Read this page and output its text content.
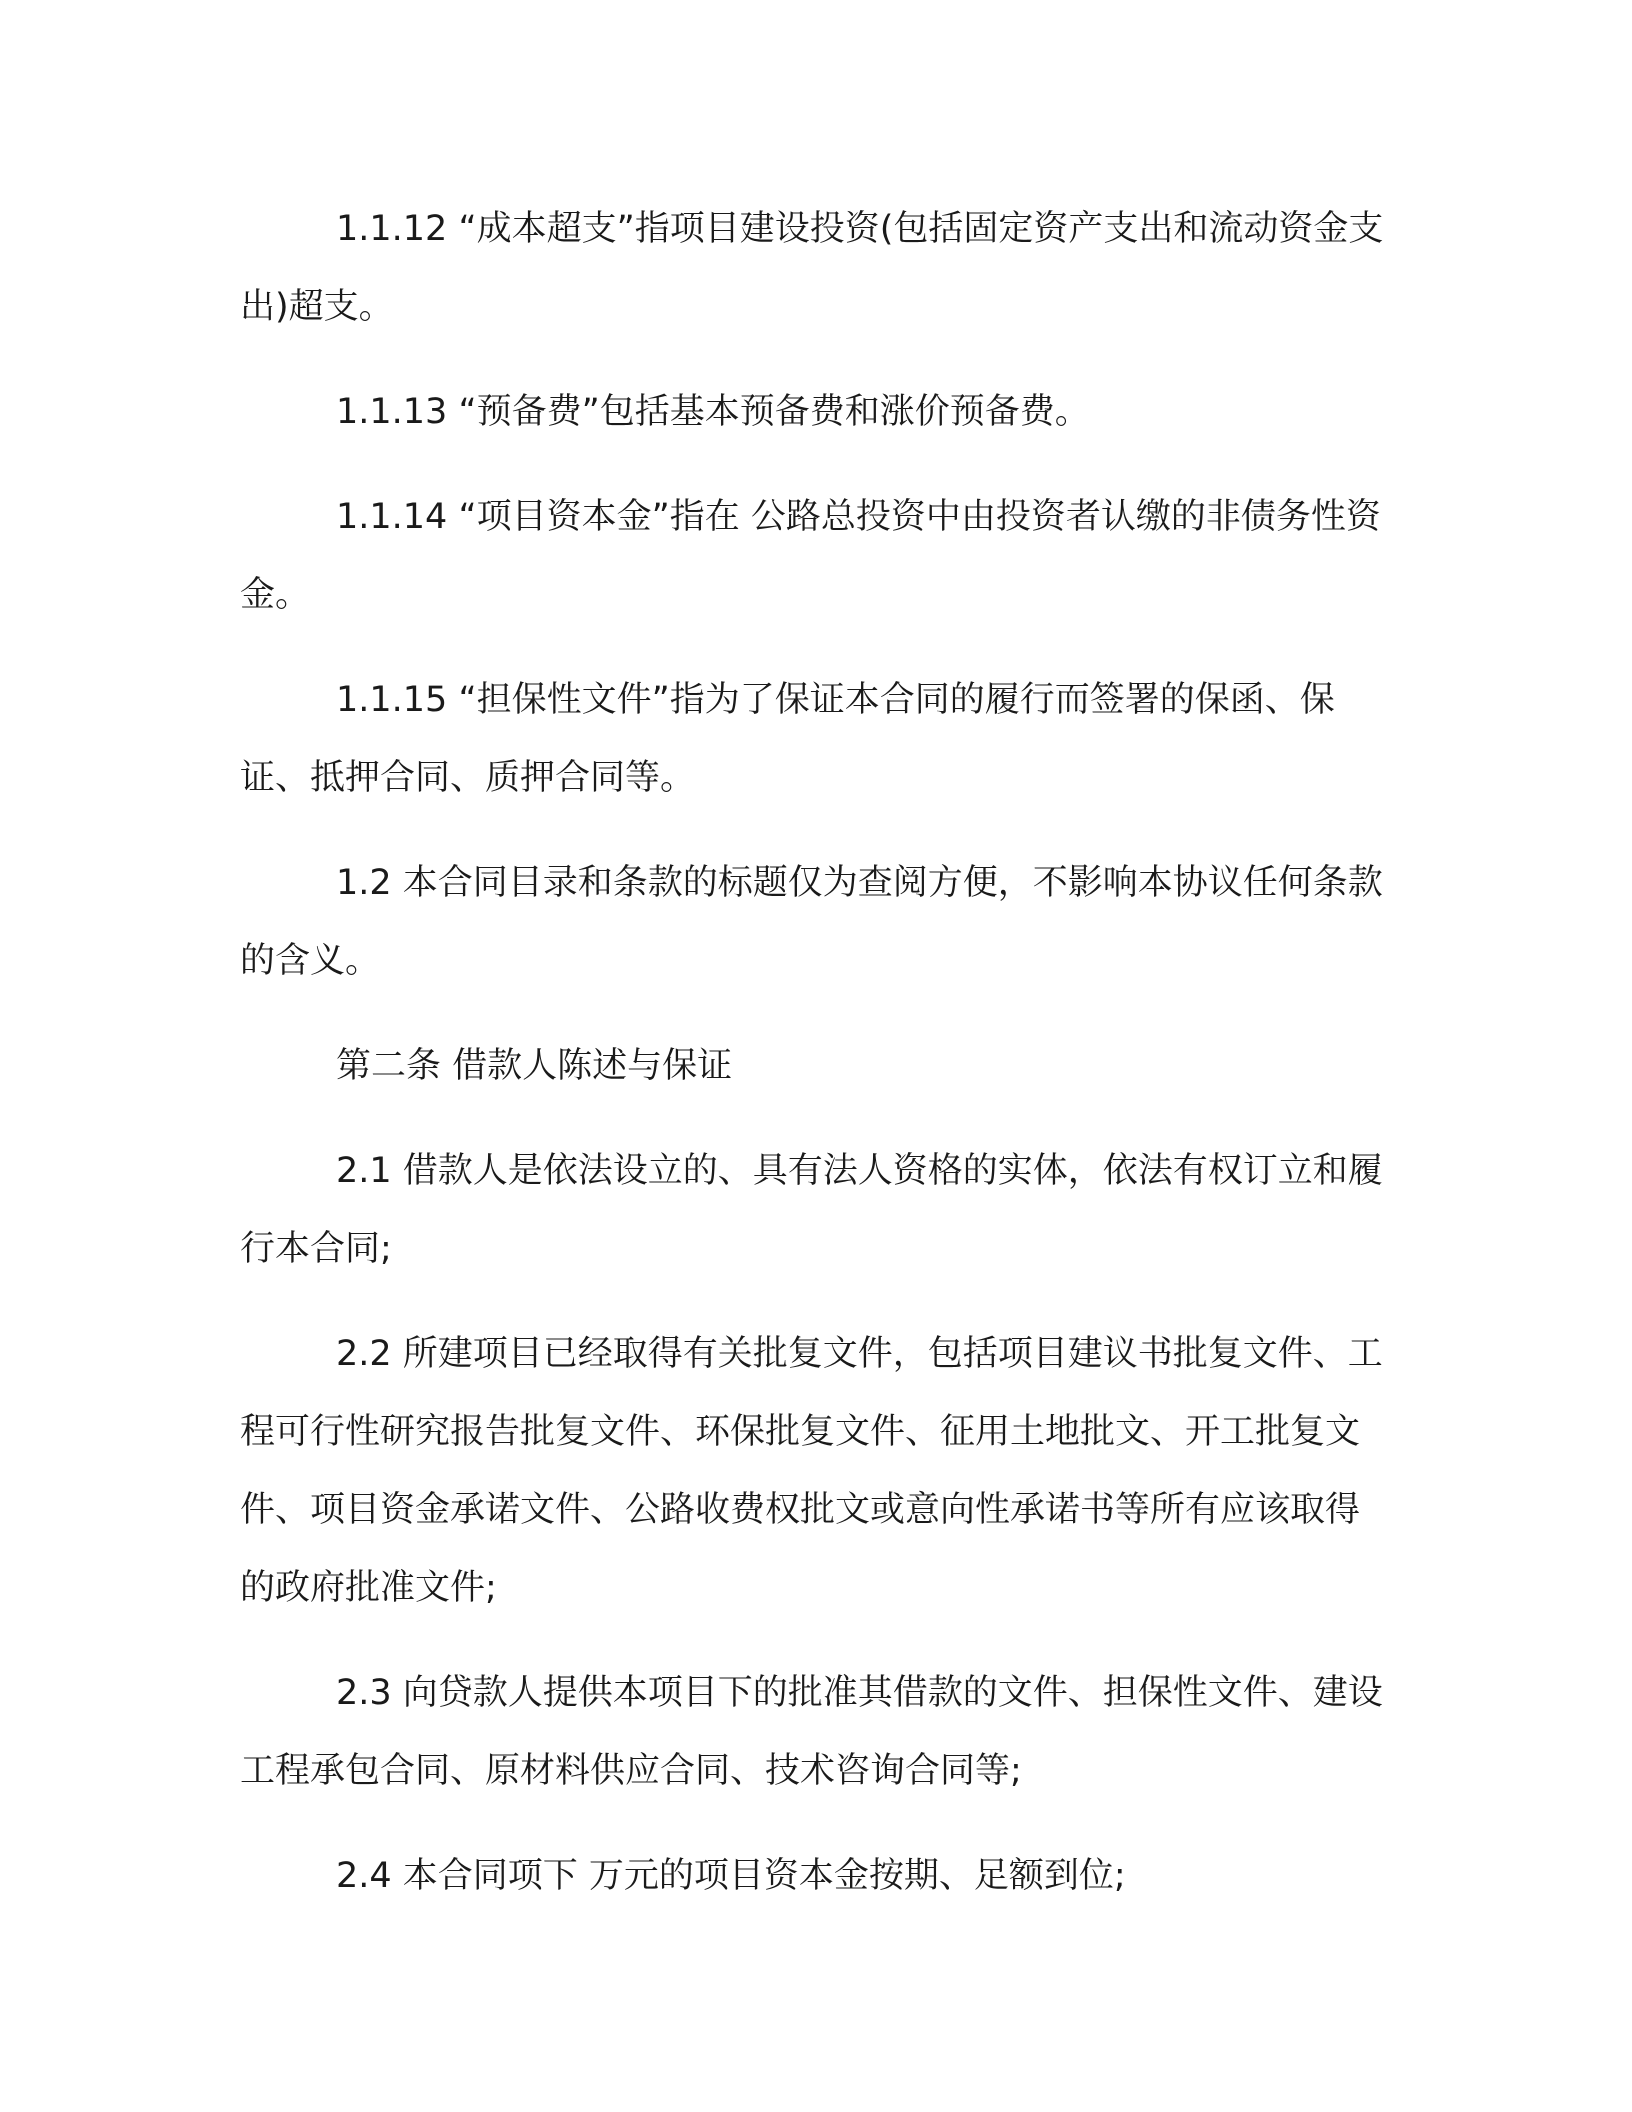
1.1.12 “成本超支”指项目建设投资(包括固定资产支出和流动资金支出)超支。

1.1.13 “预备费”包括基本预备费和涨价预备费。

1.1.14 “项目资本金”指在 公路总投资中由投资者认缴的非债务性资金。

1.1.15 “担保性文件”指为了保证本合同的履行而签署的保函、保证、抵押合同、质押合同等。

1.2 本合同目录和条款的标题仅为查阅方便，不影响本协议任何条款的含义。

第二条 借款人陈述与保证

2.1 借款人是依法设立的、具有法人资格的实体，依法有权订立和履行本合同;

2.2 所建项目已经取得有关批复文件，包括项目建议书批复文件、工程可行性研究报告批复文件、环保批复文件、征用土地批文、开工批复文件、项目资金承诺文件、公路收费权批文或意向性承诺书等所有应该取得的政府批准文件;

2.3 向贷款人提供本项目下的批准其借款的文件、担保性文件、建设工程承包合同、原材料供应合同、技术咨询合同等;

2.4 本合同项下 万元的项目资本金按期、足额到位;
